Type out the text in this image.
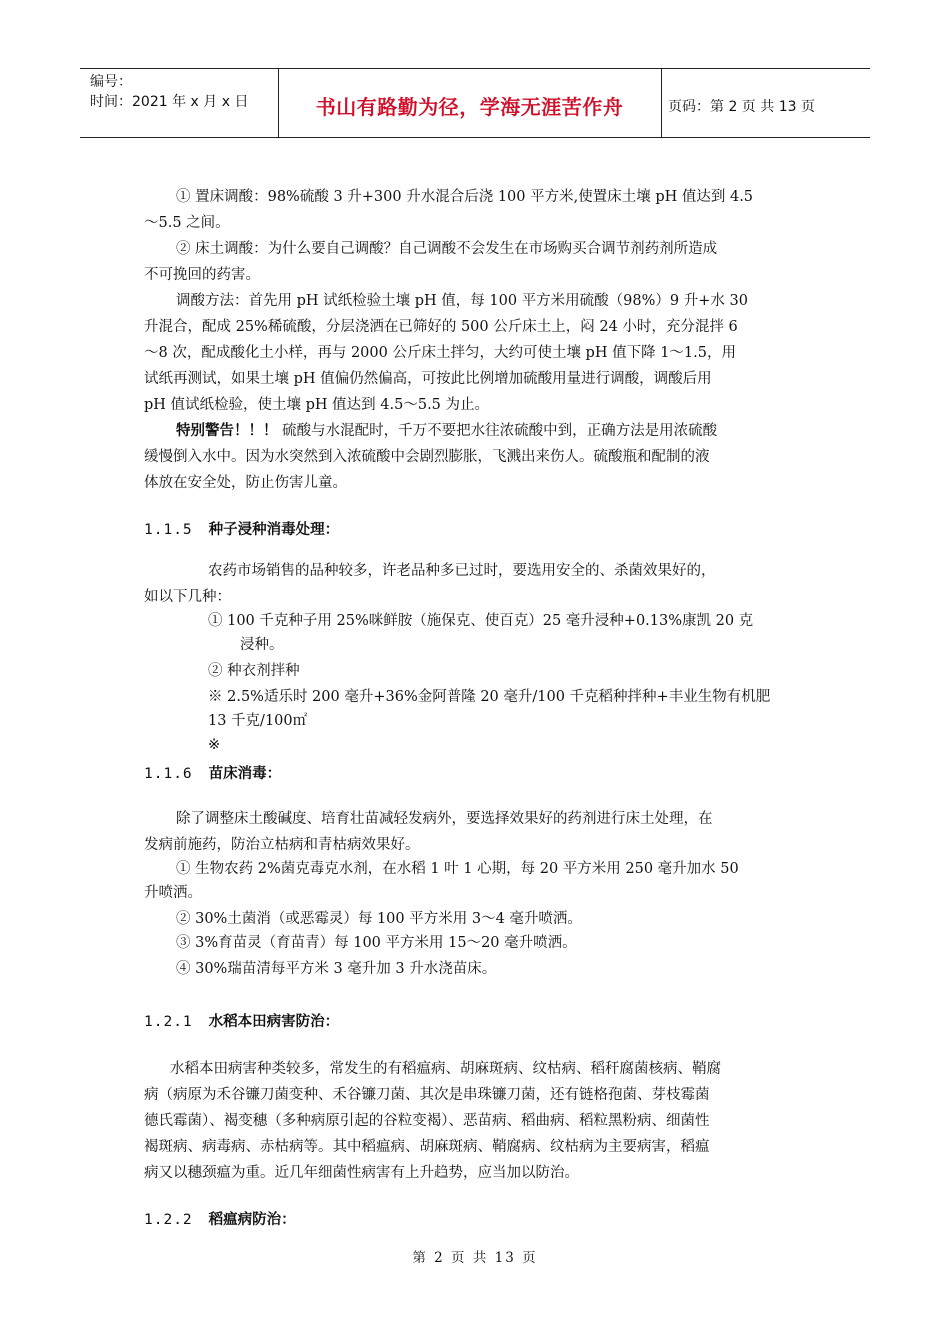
编号：
时间：2021 年 x 月 x 日	书山有路勤为径，学海无涯苦作舟	页码：第 2 页 共 13 页
① 置床调酸：98%硫酸 3 升+300 升水混合后浇 100 平方米,使置床土壤 pH 值达到 4.5
～5.5 之间。
② 床土调酸：为什么要自己调酸？自己调酸不会发生在市场购买合调节剂药剂所造成
不可挽回的药害。
调酸方法：首先用 pH 试纸检验土壤 pH 值，每 100 平方米用硫酸（98%）9 升+水 30
升混合，配成 25%稀硫酸，分层浇洒在已筛好的 500 公斤床土上，闷 24 小时，充分混拌 6
～8 次，配成酸化土小样，再与 2000 公斤床土拌匀，大约可使土壤 pH 值下降 1～1.5，用
试纸再测试，如果土壤 pH 值偏仍然偏高，可按此比例增加硫酸用量进行调酸，调酸后用
pH 值试纸检验，使土壤 pH 值达到 4.5～5.5 为止。
特别警告！！！ 硫酸与水混配时，千万不要把水往浓硫酸中到，正确方法是用浓硫酸
缓慢倒入水中。因为水突然到入浓硫酸中会剧烈膨胀，飞溅出来伤人。硫酸瓶和配制的液
体放在安全处，防止伤害儿童。
1.1.5 种子浸种消毒处理：
农药市场销售的品种较多，许老品种多已过时，要选用安全的、杀菌效果好的，
如以下几种：
① 100 千克种子用 25%咪鲜胺（施保克、使百克）25 毫升浸种+0.13%康凯 20 克
浸种。
② 种衣剂拌种
※ 2.5%适乐时 200 毫升+36%金阿普隆 20 毫升/100 千克稻种拌种+丰业生物有机肥
13 千克/100㎡
※
1.1.6 苗床消毒：
除了调整床土酸碱度、培育壮苗减轻发病外，要选择效果好的药剂进行床土处理，在
发病前施药，防治立枯病和青枯病效果好。
① 生物农药 2%菌克毒克水剂，在水稻 1 叶 1 心期，每 20 平方米用 250 毫升加水 50
升喷洒。
② 30%土菌消（或恶霉灵）每 100 平方米用 3～4 毫升喷洒。
③ 3%育苗灵（育苗青）每 100 平方米用 15～20 毫升喷洒。
④ 30%瑞苗清每平方米 3 毫升加 3 升水浇苗床。
1.2.1 水稻本田病害防治：
水稻本田病害种类较多，常发生的有稻瘟病、胡麻斑病、纹枯病、稻秆腐菌核病、鞘腐
病（病原为禾谷镰刀菌变种、禾谷镰刀菌、其次是串珠镰刀菌，还有链格孢菌、芽枝霉菌
德氏霉菌）、褐变穗（多种病原引起的谷粒变褐）、恶苗病、稻曲病、稻粒黑粉病、细菌性
褐斑病、病毒病、赤枯病等。其中稻瘟病、胡麻斑病、鞘腐病、纹枯病为主要病害，稻瘟
病又以穗颈瘟为重。近几年细菌性病害有上升趋势，应当加以防治。
1.2.2 稻瘟病防治：
第 2 页 共 13 页
